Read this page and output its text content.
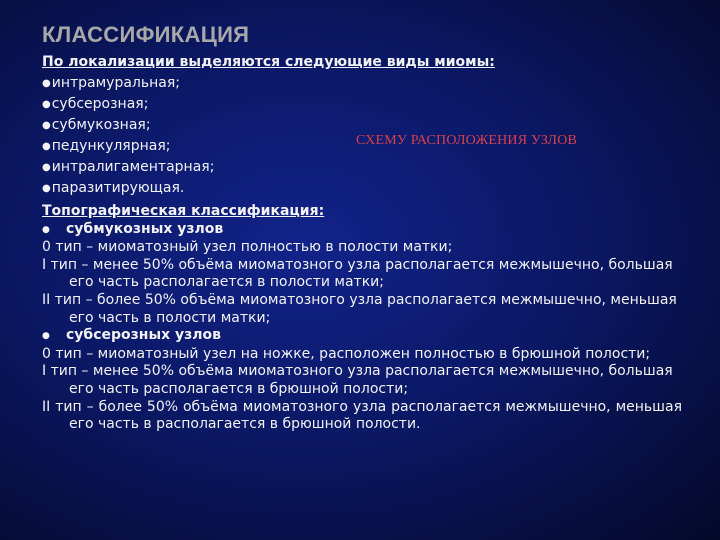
КЛАССИФИКАЦИЯ
По локализации выделяются следующие виды миомы:
●интрамуральная;
●субсерозная;
●субмукозная;
●педункулярная;
●интралигаментарная;
●паразитирующая.
СХЕМУ РАСПОЛОЖЕНИЯ УЗЛОВ
Топографическая классификация:
● субмукозных узлов
0 тип – миоматозный узел полностью в полости матки;
I тип – менее 50% объёма миоматозного узла располагается межмышечно, большая его часть располагается в полости матки;
II тип – более 50% объёма миоматозного узла располагается межмышечно, меньшая его часть в полости матки;
● субсерозных узлов
0 тип – миоматозный узел на ножке, расположен полностью в брюшной полости;
I тип – менее 50% объёма миоматозного узла располагается межмышечно, большая его часть располагается в брюшной полости;
II тип – более 50% объёма миоматозного узла располагается межмышечно, меньшая его часть в располагается в брюшной полости.
